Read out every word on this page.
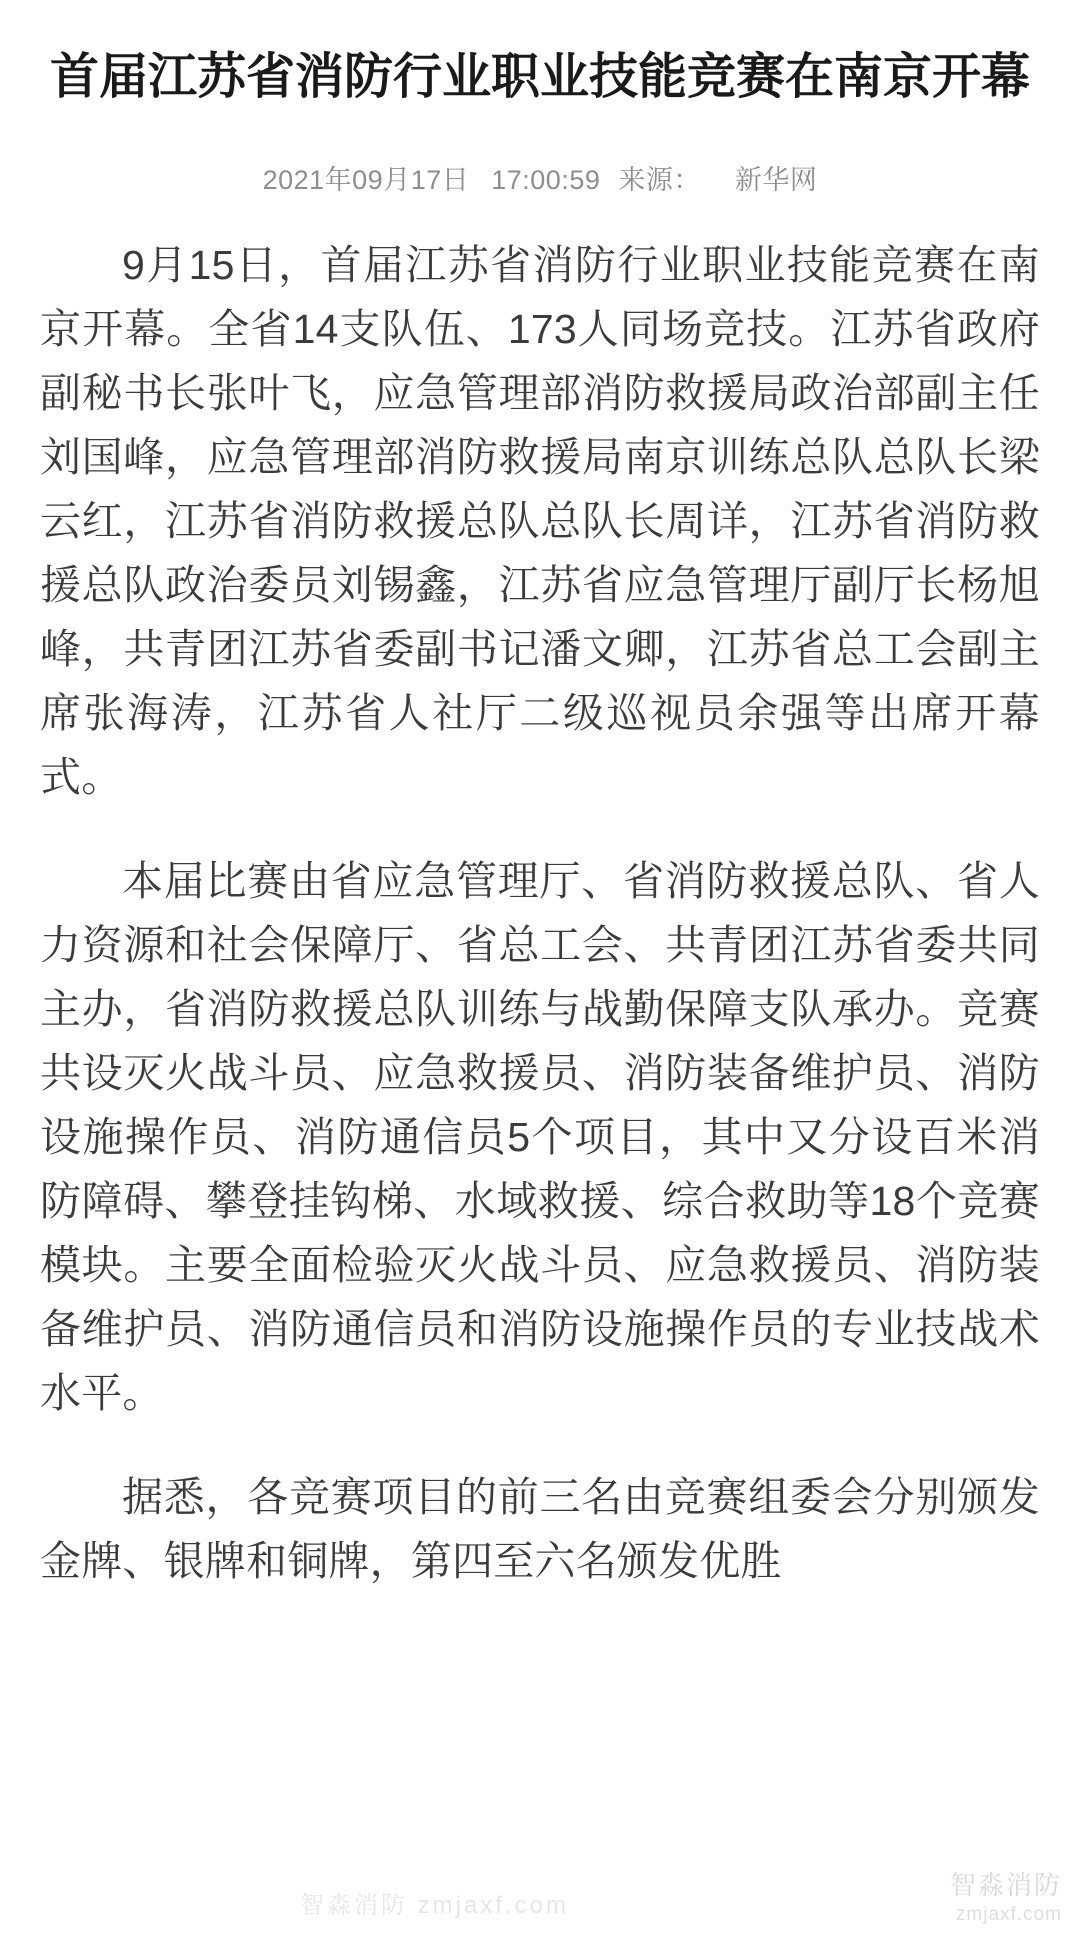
首届江苏省消防行业职业技能竞赛在南京开幕
2021年09月17日 17:00:59 来源： 新华网

9月15日，首届江苏省消防行业职业技能竞赛在南京开幕。全省14支队伍、173人同场竞技。江苏省政府副秘书长张叶飞，应急管理部消防救援局政治部副主任刘国峰，应急管理部消防救援局南京训练总队总队长梁云红，江苏省消防救援总队总队长周详，江苏省消防救援总队政治委员刘锡鑫，江苏省应急管理厅副厅长杨旭峰，共青团江苏省委副书记潘文卿，江苏省总工会副主席张海涛，江苏省人社厅二级巡视员余强等出席开幕式。

本届比赛由省应急管理厅、省消防救援总队、省人力资源和社会保障厅、省总工会、共青团江苏省委共同主办，省消防救援总队训练与战勤保障支队承办。竞赛共设灭火战斗员、应急救援员、消防装备维护员、消防设施操作员、消防通信员5个项目，其中又分设百米消防障碍、攀登挂钩梯、水域救援、综合救助等18个竞赛模块。主要全面检验灭火战斗员、应急救援员、消防装备维护员、消防通信员和消防设施操作员的专业技战术水平。

据悉，各竞赛项目的前三名由竞赛组委会分别颁发金牌、银牌和铜牌，第四至六名颁发优胜

智淼消防 zmjaxf.com
智淼消防
zmjaxf.com
